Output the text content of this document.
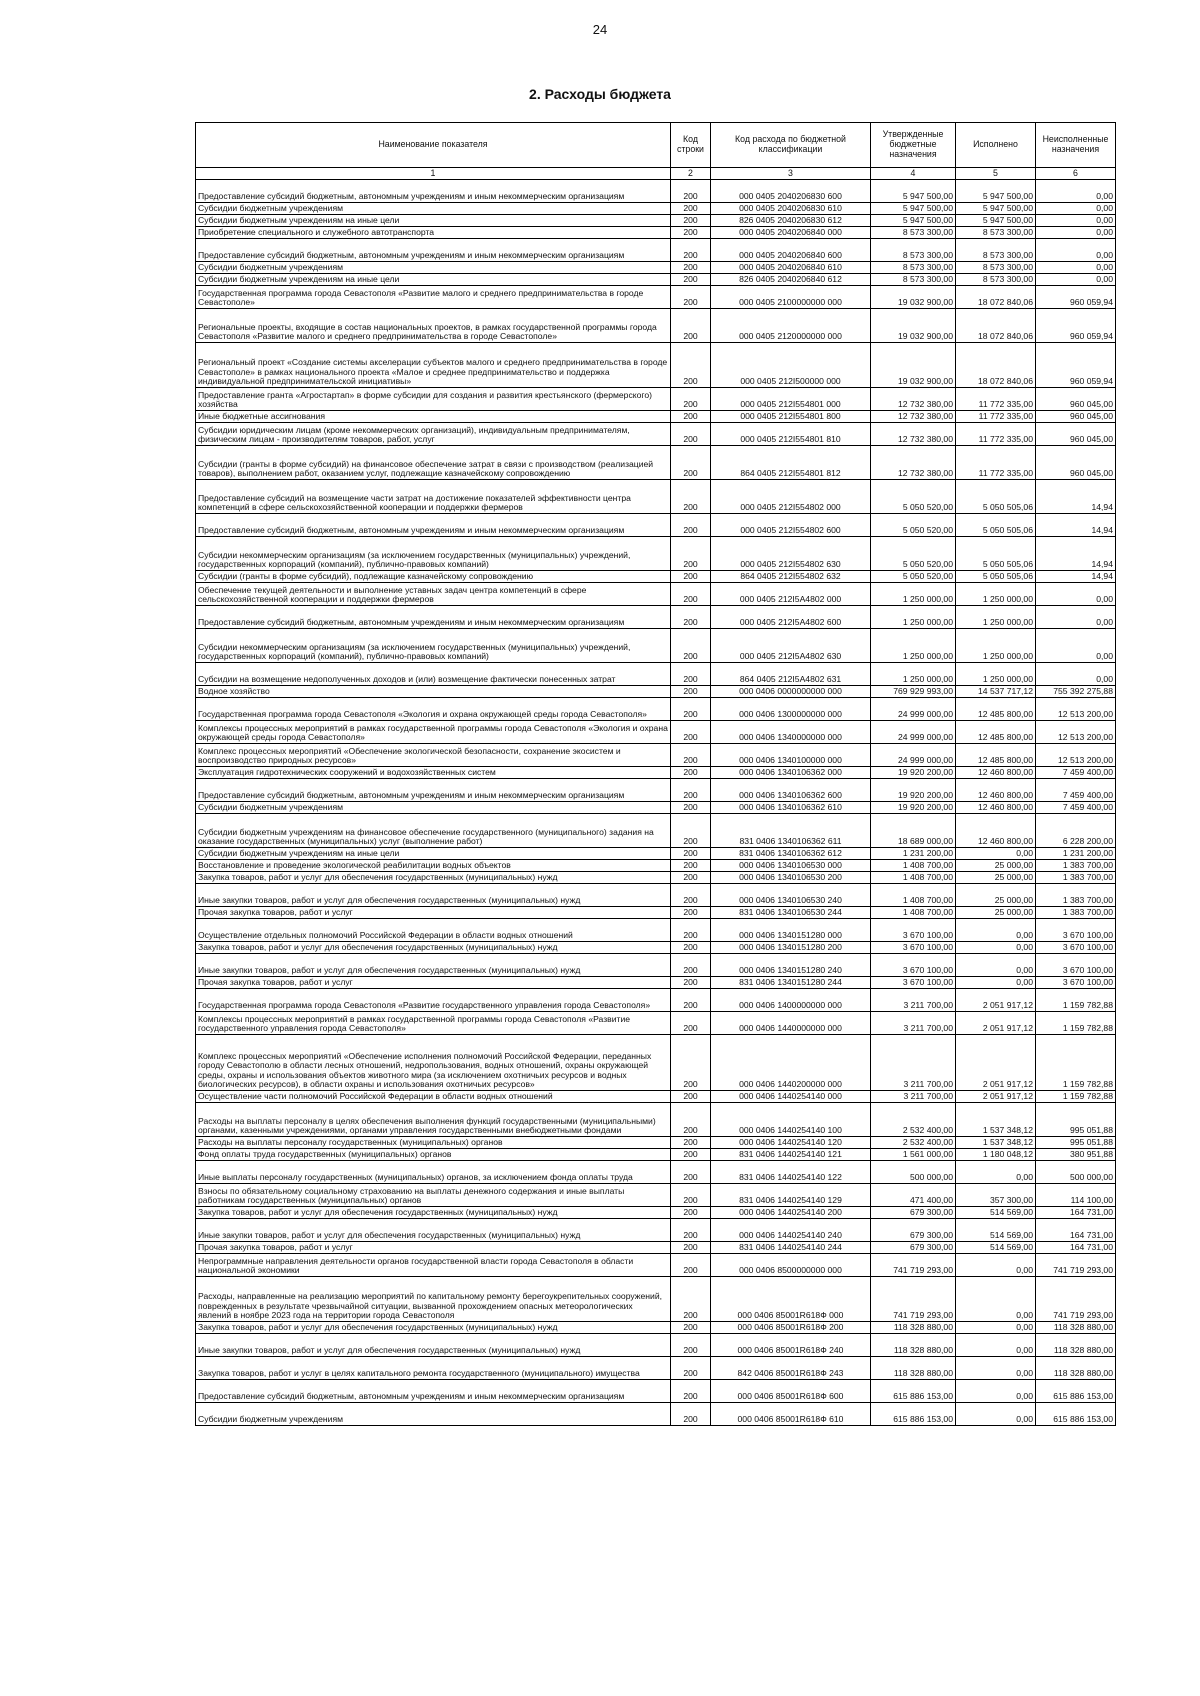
24
2. Расходы бюджета
Наименование показателя	Код строки	Код расхода по бюджетной классификации	Утвержденные бюджетные назначения	Исполнено	Неисполненные назначения
1	2	3	4	5	6
Предоставление субсидий бюджетным, автономным учреждениям и иным некоммерческим организациям	200	000 0405 2040206830 600	5 947 500,00	5 947 500,00	0,00
Субсидии бюджетным учреждениям	200	000 0405 2040206830 610	5 947 500,00	5 947 500,00	0,00
Субсидии бюджетным учреждениям на иные цели	200	826 0405 2040206830 612	5 947 500,00	5 947 500,00	0,00
Приобретение специального и служебного автотранспорта	200	000 0405 2040206840 000	8 573 300,00	8 573 300,00	0,00
Предоставление субсидий бюджетным, автономным учреждениям и иным некоммерческим организациям	200	000 0405 2040206840 600	8 573 300,00	8 573 300,00	0,00
Субсидии бюджетным учреждениям	200	000 0405 2040206840 610	8 573 300,00	8 573 300,00	0,00
Субсидии бюджетным учреждениям на иные цели	200	826 0405 2040206840 612	8 573 300,00	8 573 300,00	0,00
Государственная программа города Севастополя «Развитие малого и среднего предпринимательства в городе Севастополе»	200	000 0405 2100000000 000	19 032 900,00	18 072 840,06	960 059,94
Региональные проекты, входящие в состав национальных проектов, в рамках государственной программы города Севастополя «Развитие малого и среднего предпринимательства в городе Севастополе»	200	000 0405 2120000000 000	19 032 900,00	18 072 840,06	960 059,94
Региональный проект «Создание системы акселерации субъектов малого и среднего предпринимательства в городе Севастополе» в рамках национального проекта «Малое и среднее предпринимательство и поддержка индивидуальной предпринимательской инициативы»	200	000 0405 212I500000 000	19 032 900,00	18 072 840,06	960 059,94
Предоставление гранта «Агростартап» в форме субсидии для создания и развития крестьянского (фермерского) хозяйства	200	000 0405 212I554801 000	12 732 380,00	11 772 335,00	960 045,00
Иные бюджетные ассигнования	200	000 0405 212I554801 800	12 732 380,00	11 772 335,00	960 045,00
Субсидии юридическим лицам (кроме некоммерческих организаций), индивидуальным предпринимателям, физическим лицам - производителям товаров, работ, услуг	200	000 0405 212I554801 810	12 732 380,00	11 772 335,00	960 045,00
Субсидии (гранты в форме субсидий) на финансовое обеспечение затрат в связи с производством (реализацией товаров), выполнением работ, оказанием услуг, подлежащие казначейскому сопровождению	200	864 0405 212I554801 812	12 732 380,00	11 772 335,00	960 045,00
Предоставление субсидий на возмещение части затрат на достижение показателей эффективности центра компетенций в сфере сельскохозяйственной кооперации и поддержки фермеров	200	000 0405 212I554802 000	5 050 520,00	5 050 505,06	14,94
Предоставление субсидий бюджетным, автономным учреждениям и иным некоммерческим организациям	200	000 0405 212I554802 600	5 050 520,00	5 050 505,06	14,94
Субсидии некоммерческим организациям (за исключением государственных (муниципальных) учреждений, государственных корпораций (компаний), публично-правовых компаний)	200	000 0405 212I554802 630	5 050 520,00	5 050 505,06	14,94
Субсидии (гранты в форме субсидий), подлежащие казначейскому сопровождению	200	864 0405 212I554802 632	5 050 520,00	5 050 505,06	14,94
Обеспечение текущей деятельности и выполнение уставных задач центра компетенций в сфере сельскохозяйственной кооперации и поддержки фермеров	200	000 0405 212I5A4802 000	1 250 000,00	1 250 000,00	0,00
Предоставление субсидий бюджетным, автономным учреждениям и иным некоммерческим организациям	200	000 0405 212I5A4802 600	1 250 000,00	1 250 000,00	0,00
Субсидии некоммерческим организациям (за исключением государственных (муниципальных) учреждений, государственных корпораций (компаний), публично-правовых компаний)	200	000 0405 212I5A4802 630	1 250 000,00	1 250 000,00	0,00
Субсидии на возмещение недополученных доходов и (или) возмещение фактически понесенных затрат	200	864 0405 212I5A4802 631	1 250 000,00	1 250 000,00	0,00
Водное хозяйство	200	000 0406 0000000000 000	769 929 993,00	14 537 717,12	755 392 275,88
Государственная программа города Севастополя «Экология и охрана окружающей среды города Севастополя»	200	000 0406 1300000000 000	24 999 000,00	12 485 800,00	12 513 200,00
Комплексы процессных мероприятий в рамках государственной программы города Севастополя «Экология и охрана окружающей среды города Севастополя»	200	000 0406 1340000000 000	24 999 000,00	12 485 800,00	12 513 200,00
Комплекс процессных мероприятий «Обеспечение экологической безопасности, сохранение экосистем и воспроизводство природных ресурсов»	200	000 0406 1340100000 000	24 999 000,00	12 485 800,00	12 513 200,00
Эксплуатация гидротехнических сооружений и водохозяйственных систем	200	000 0406 1340106362 000	19 920 200,00	12 460 800,00	7 459 400,00
Предоставление субсидий бюджетным, автономным учреждениям и иным некоммерческим организациям	200	000 0406 1340106362 600	19 920 200,00	12 460 800,00	7 459 400,00
Субсидии бюджетным учреждениям	200	000 0406 1340106362 610	19 920 200,00	12 460 800,00	7 459 400,00
Субсидии бюджетным учреждениям на финансовое обеспечение государственного (муниципального) задания на оказание государственных (муниципальных) услуг (выполнение работ)	200	831 0406 1340106362 611	18 689 000,00	12 460 800,00	6 228 200,00
Субсидии бюджетным учреждениям на иные цели	200	831 0406 1340106362 612	1 231 200,00	0,00	1 231 200,00
Восстановление и проведение экологической реабилитации водных объектов	200	000 0406 1340106530 000	1 408 700,00	25 000,00	1 383 700,00
Закупка товаров, работ и услуг для обеспечения государственных (муниципальных) нужд	200	000 0406 1340106530 200	1 408 700,00	25 000,00	1 383 700,00
Иные закупки товаров, работ и услуг для обеспечения государственных (муниципальных) нужд	200	000 0406 1340106530 240	1 408 700,00	25 000,00	1 383 700,00
Прочая закупка товаров, работ и услуг	200	831 0406 1340106530 244	1 408 700,00	25 000,00	1 383 700,00
Осуществление отдельных полномочий Российской Федерации в области водных отношений	200	000 0406 1340151280 000	3 670 100,00	0,00	3 670 100,00
Закупка товаров, работ и услуг для обеспечения государственных (муниципальных) нужд	200	000 0406 1340151280 200	3 670 100,00	0,00	3 670 100,00
Иные закупки товаров, работ и услуг для обеспечения государственных (муниципальных) нужд	200	000 0406 1340151280 240	3 670 100,00	0,00	3 670 100,00
Прочая закупка товаров, работ и услуг	200	831 0406 1340151280 244	3 670 100,00	0,00	3 670 100,00
Государственная программа города Севастополя «Развитие государственного управления города Севастополя»	200	000 0406 1400000000 000	3 211 700,00	2 051 917,12	1 159 782,88
Комплексы процессных мероприятий в рамках государственной программы города Севастополя «Развитие государственного управления города Севастополя»	200	000 0406 1440000000 000	3 211 700,00	2 051 917,12	1 159 782,88
Комплекс процессных мероприятий «Обеспечение исполнения полномочий Российской Федерации, переданных городу Севастополю в области лесных отношений, недропользования, водных отношений, охраны окружающей среды, охраны и использования объектов животного мира (за исключением охотничьих ресурсов и водных биологических ресурсов), в области охраны и использования охотничьих ресурсов»	200	000 0406 1440200000 000	3 211 700,00	2 051 917,12	1 159 782,88
Осуществление части полномочий Российской Федерации в области водных отношений	200	000 0406 1440254140 000	3 211 700,00	2 051 917,12	1 159 782,88
Расходы на выплаты персоналу в целях обеспечения выполнения функций государственными (муниципальными) органами, казенными учреждениями, органами управления государственными внебюджетными фондами	200	000 0406 1440254140 100	2 532 400,00	1 537 348,12	995 051,88
Расходы на выплаты персоналу государственных (муниципальных) органов	200	000 0406 1440254140 120	2 532 400,00	1 537 348,12	995 051,88
Фонд оплаты труда государственных (муниципальных) органов	200	831 0406 1440254140 121	1 561 000,00	1 180 048,12	380 951,88
Иные выплаты персоналу государственных (муниципальных) органов, за исключением фонда оплаты труда	200	831 0406 1440254140 122	500 000,00	0,00	500 000,00
Взносы по обязательному социальному страхованию на выплаты денежного содержания и иные выплаты работникам государственных (муниципальных) органов	200	831 0406 1440254140 129	471 400,00	357 300,00	114 100,00
Закупка товаров, работ и услуг для обеспечения государственных (муниципальных) нужд	200	000 0406 1440254140 200	679 300,00	514 569,00	164 731,00
Иные закупки товаров, работ и услуг для обеспечения государственных (муниципальных) нужд	200	000 0406 1440254140 240	679 300,00	514 569,00	164 731,00
Прочая закупка товаров, работ и услуг	200	831 0406 1440254140 244	679 300,00	514 569,00	164 731,00
Непрограммные направления деятельности органов государственной власти города Севастополя в области национальной экономики	200	000 0406 8500000000 000	741 719 293,00	0,00	741 719 293,00
Расходы, направленные на реализацию мероприятий по капитальному ремонту берегоукрепительных сооружений, поврежденных в результате чрезвычайной ситуации, вызванной прохождением опасных метеорологических явлений в ноябре 2023 года на территории города Севастополя	200	000 0406 85001R618Ф 000	741 719 293,00	0,00	741 719 293,00
Закупка товаров, работ и услуг для обеспечения государственных (муниципальных) нужд	200	000 0406 85001R618Ф 200	118 328 880,00	0,00	118 328 880,00
Иные закупки товаров, работ и услуг для обеспечения государственных (муниципальных) нужд	200	000 0406 85001R618Ф 240	118 328 880,00	0,00	118 328 880,00
Закупка товаров, работ и услуг в целях капитального ремонта государственного (муниципального) имущества	200	842 0406 85001R618Ф 243	118 328 880,00	0,00	118 328 880,00
Предоставление субсидий бюджетным, автономным учреждениям и иным некоммерческим организациям	200	000 0406 85001R618Ф 600	615 886 153,00	0,00	615 886 153,00
Субсидии бюджетным учреждениям	200	000 0406 85001R618Ф 610	615 886 153,00	0,00	615 886 153,00
